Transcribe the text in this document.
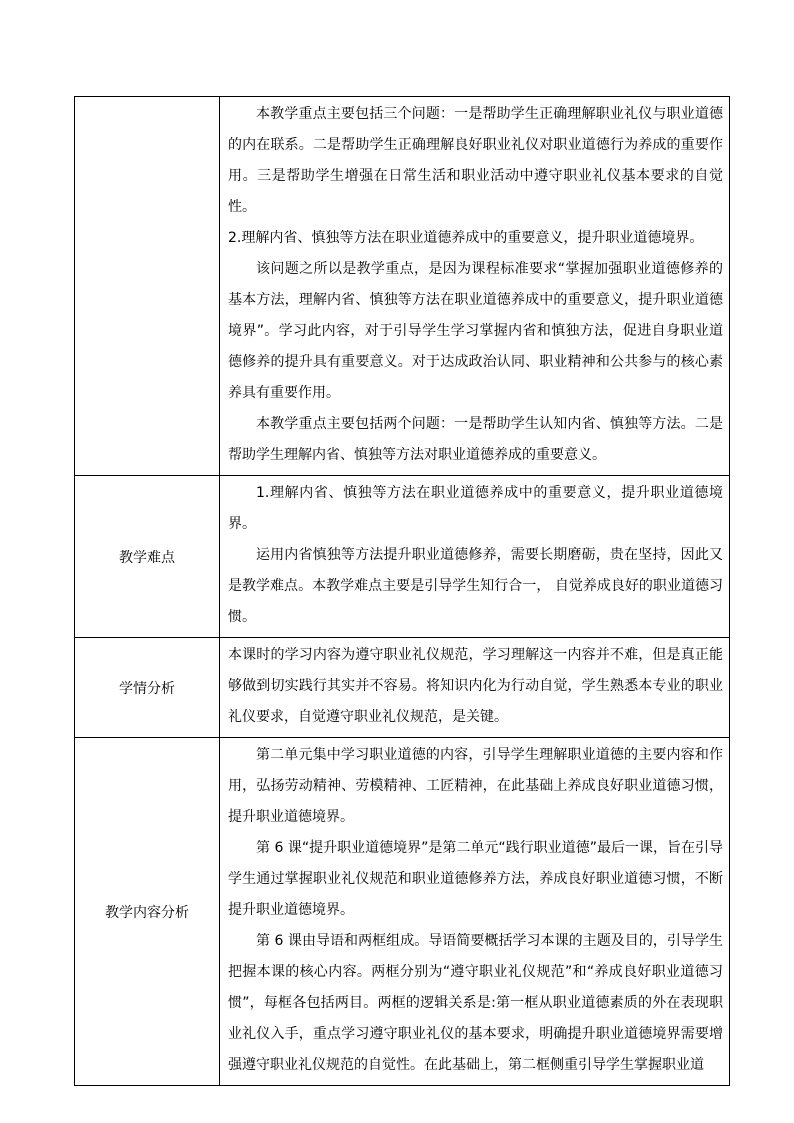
	本教学重点主要包括三个问题：一是帮助学生正确理解职业礼仪与职业道德的内在联系。二是帮助学生正确理解良好职业礼仪对职业道德行为养成的重要作用。三是帮助学生增强在日常生活和职业活动中遵守职业礼仪基本要求的自觉性。

2.理解内省、慎独等方法在职业道德养成中的重要意义，提升职业道德境界。

该问题之所以是教学重点，是因为课程标准要求“掌握加强职业道德修养的基本方法，理解内省、慎独等方法在职业道德养成中的重要意义，提升职业道德境界”。学习此内容，对于引导学生学习掌握内省和慎独方法，促进自身职业道德修养的提升具有重要意义。对于达成政治认同、职业精神和公共参与的核心素养具有重要作用。

本教学重点主要包括两个问题：一是帮助学生认知内省、慎独等方法。二是帮助学生理解内省、慎独等方法对职业道德养成的重要意义。

教学难点	1.理解内省、慎独等方法在职业道德养成中的重要意义，提升职业道德境界。

运用内省慎独等方法提升职业道德修养，需要长期磨砺，贵在坚持，因此又是教学难点。本教学难点主要是引导学生知行合一， 自觉养成良好的职业道德习惯。

学情分析	本课时的学习内容为遵守职业礼仪规范，学习理解这一内容并不难，但是真正能够做到切实践行其实并不容易。将知识内化为行动自觉，学生熟悉本专业的职业礼仪要求，自觉遵守职业礼仪规范，是关键。

教学内容分析	第二单元集中学习职业道德的内容，引导学生理解职业道德的主要内容和作用，弘扬劳动精神、劳模精神、工匠精神，在此基础上养成良好职业道德习惯，提升职业道德境界。

第 6 课“提升职业道德境界”是第二单元“践行职业道德”最后一课，旨在引导学生通过掌握职业礼仪规范和职业道德修养方法，养成良好职业道德习惯，不断提升职业道德境界。

第 6 课由导语和两框组成。导语简要概括学习本课的主题及目的，引导学生把握本课的核心内容。两框分别为“遵守职业礼仪规范”和“养成良好职业道德习惯”，每框各包括两目。两框的逻辑关系是:第一框从职业道德素质的外在表现职业礼仪入手，重点学习遵守职业礼仪的基本要求，明确提升职业道德境界需要增强遵守职业礼仪规范的自觉性。在此基础上，第二框侧重引导学生掌握职业道
